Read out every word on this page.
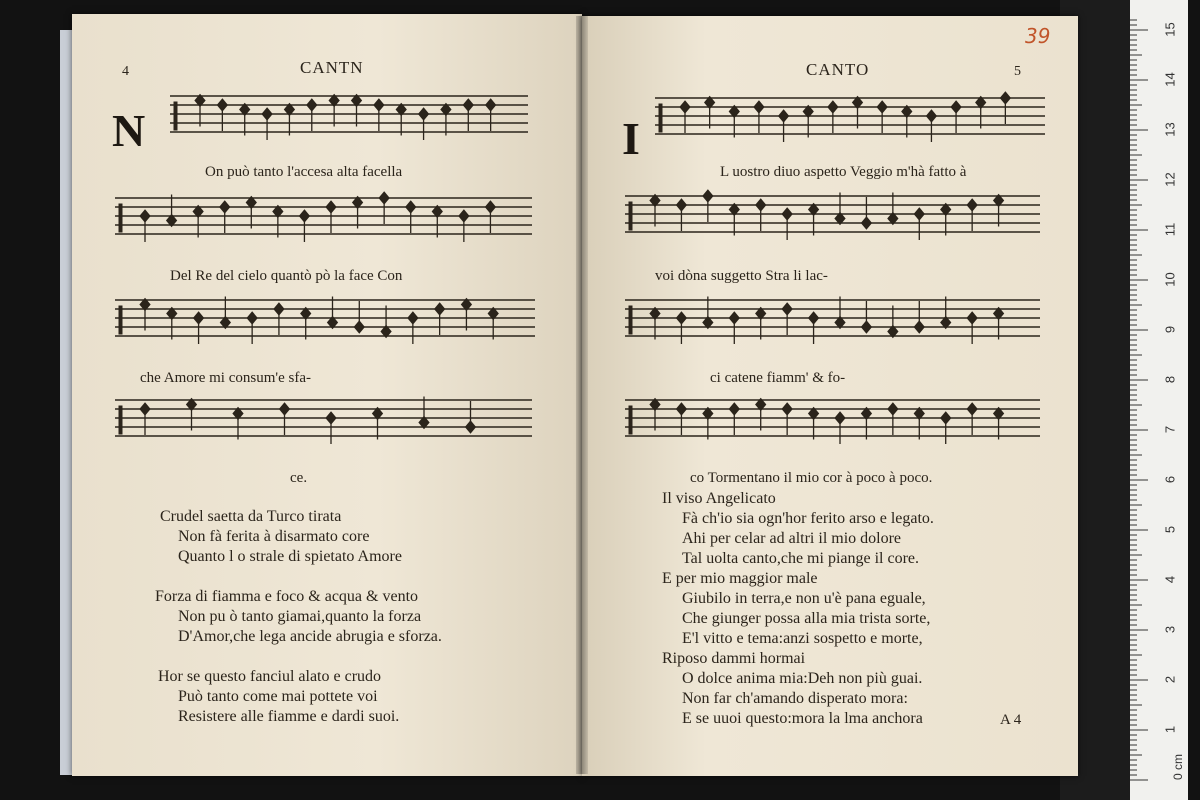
4	CANTN
N
On può tanto l'accesa alta facella
Del Re del cielo quantò pò la face Con
che Amore mi consum'e sfa-
ce.
Crudel saetta da Turco tirata
Non fà ferita à disarmato core
Quanto l o strale di spietato Amore
Forza di fiamma e foco & acqua & vento
Non pu ò tanto giamai,quanto la forza
D'Amor,che lega ancide abrugia e sforza.
Hor se questo fanciul alato e crudo
Può tanto come mai pottete voi
Resistere alle fiamme e dardi suoi.
CANTO	5
39
I
L uostro diuo aspetto Veggio m'hà fatto à
voi dòna suggetto Stra li lac-
ci catene fiamm' & fo-
co Tormentano il mio cor à poco à poco.
Il viso Angelicato
Fà ch'io sia ogn'hor ferito arso e legato.
Ahi per celar ad altri il mio dolore
Tal uolta canto,che mi piange il core.
E per mio maggior male
Giubilo in terra,e non u'è pana eguale,
Che giunger possa alla mia trista sorte,
E'l vitto e tema:anzi sospetto e morte,
Riposo dammi hormai
O dolce anima mia:Deh non più guai.
Non far ch'amando disperato mora:
E se uuoi questo:mora la lma anchora	A 4
0 cm
1
2
3
4
5
6
7
8
9
10
11
12
13
14
15
